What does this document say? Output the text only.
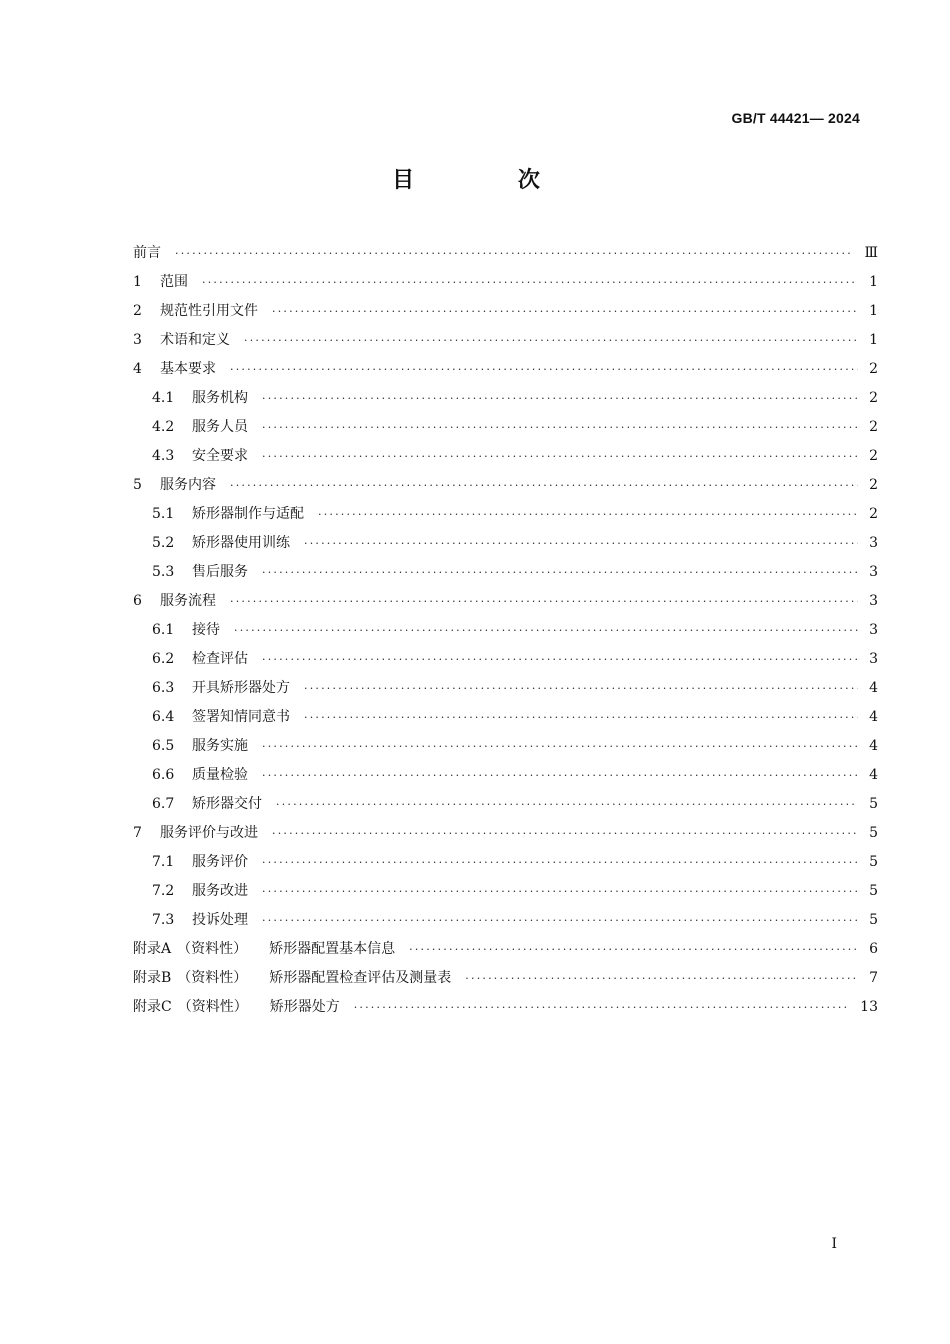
GB/T 44421— 2024
目 次
前言 ·····	Ⅲ
1	范围 ·····	1
2	规范性引用文件 ·····	1
3	术语和定义 ·····	1
4	基本要求 ·····	2
4.1 服务机构 ·····	2
4.2 服务人员 ·····	2
4.3 安全要求 ·····	2
5	服务内容 ·····	2
5.1 矫形器制作与适配 ·····	2
5.2 矫形器使用训练 ·····	3
5.3 售后服务 ·····	3
6	服务流程 ·····	3
6.1 接待 ·····	3
6.2 检查评估 ·····	3
6.3 开具矫形器处方 ·····	4
6.4 签署知情同意书 ·····	4
6.5 服务实施 ·····	4
6.6 质量检验 ·····	4
6.7 矫形器交付 ·····	5
7	服务评价与改进 ·····	5
7.1 服务评价 ·····	5
7.2 服务改进 ·····	5
7.3 投诉处理 ·····	5
附录A （资料性） 矫形器配置基本信息 ·····	6
附录B （资料性） 矫形器配置检查评估及测量表 ·····	7
附录C （资料性） 矫形器处方 ·····	13
Ⅰ
